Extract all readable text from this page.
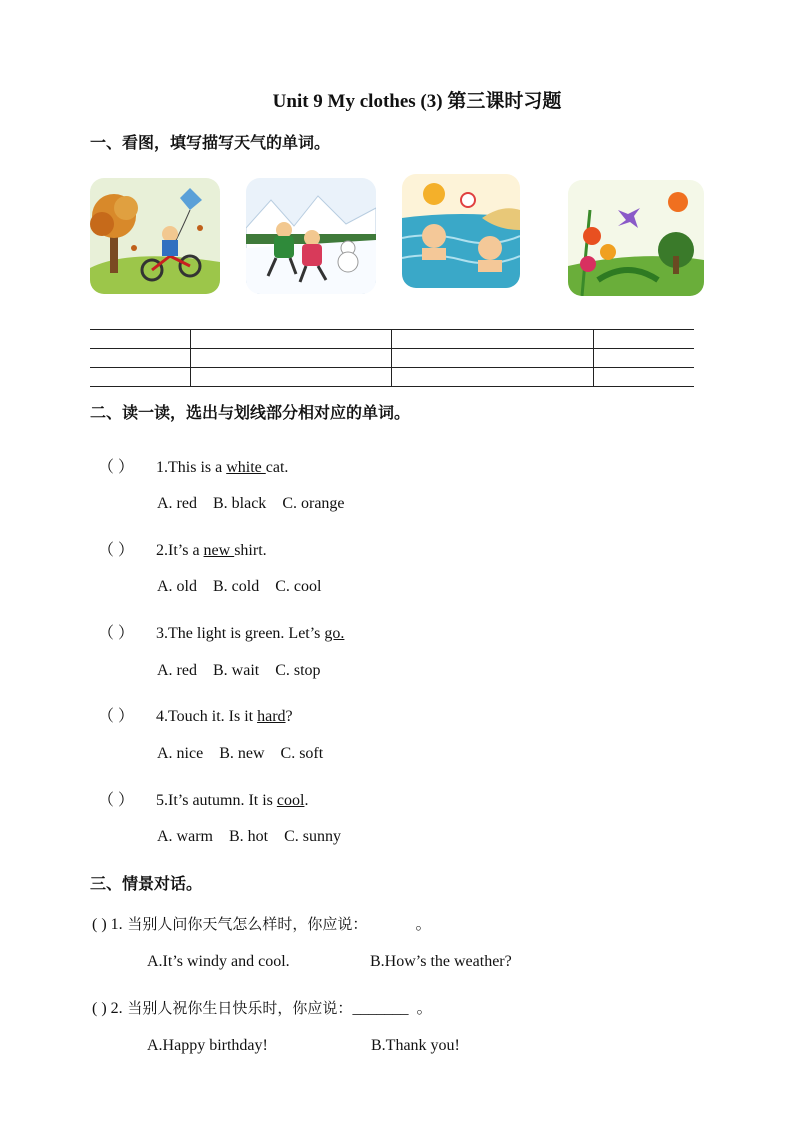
Unit 9 My clothes (3) 第三课时习题
一、看图，填写描写天气的单词。

二、读一读，选出与划线部分相对应的单词。
（ ） 1.This is a white cat.
A. red B. black C. orange
（ ） 2.It’s a new shirt.
A. old B. cold C. cool
（ ） 3.The light is green. Let’s go.
A. red B. wait C. stop
（ ） 4.Touch it. Is it hard?
A. nice B. new C. soft
（ ） 5.It’s autumn. It is cool.
A. warm B. hot C. sunny
三、情景对话。
( ) 1. 当别人问你天气怎么样时，你应说：	。
A.It’s windy and cool.	B.How’s the weather?
( ) 2. 当别人祝你生日快乐时，你应说：_______  。
A.Happy birthday!	B.Thank you!
